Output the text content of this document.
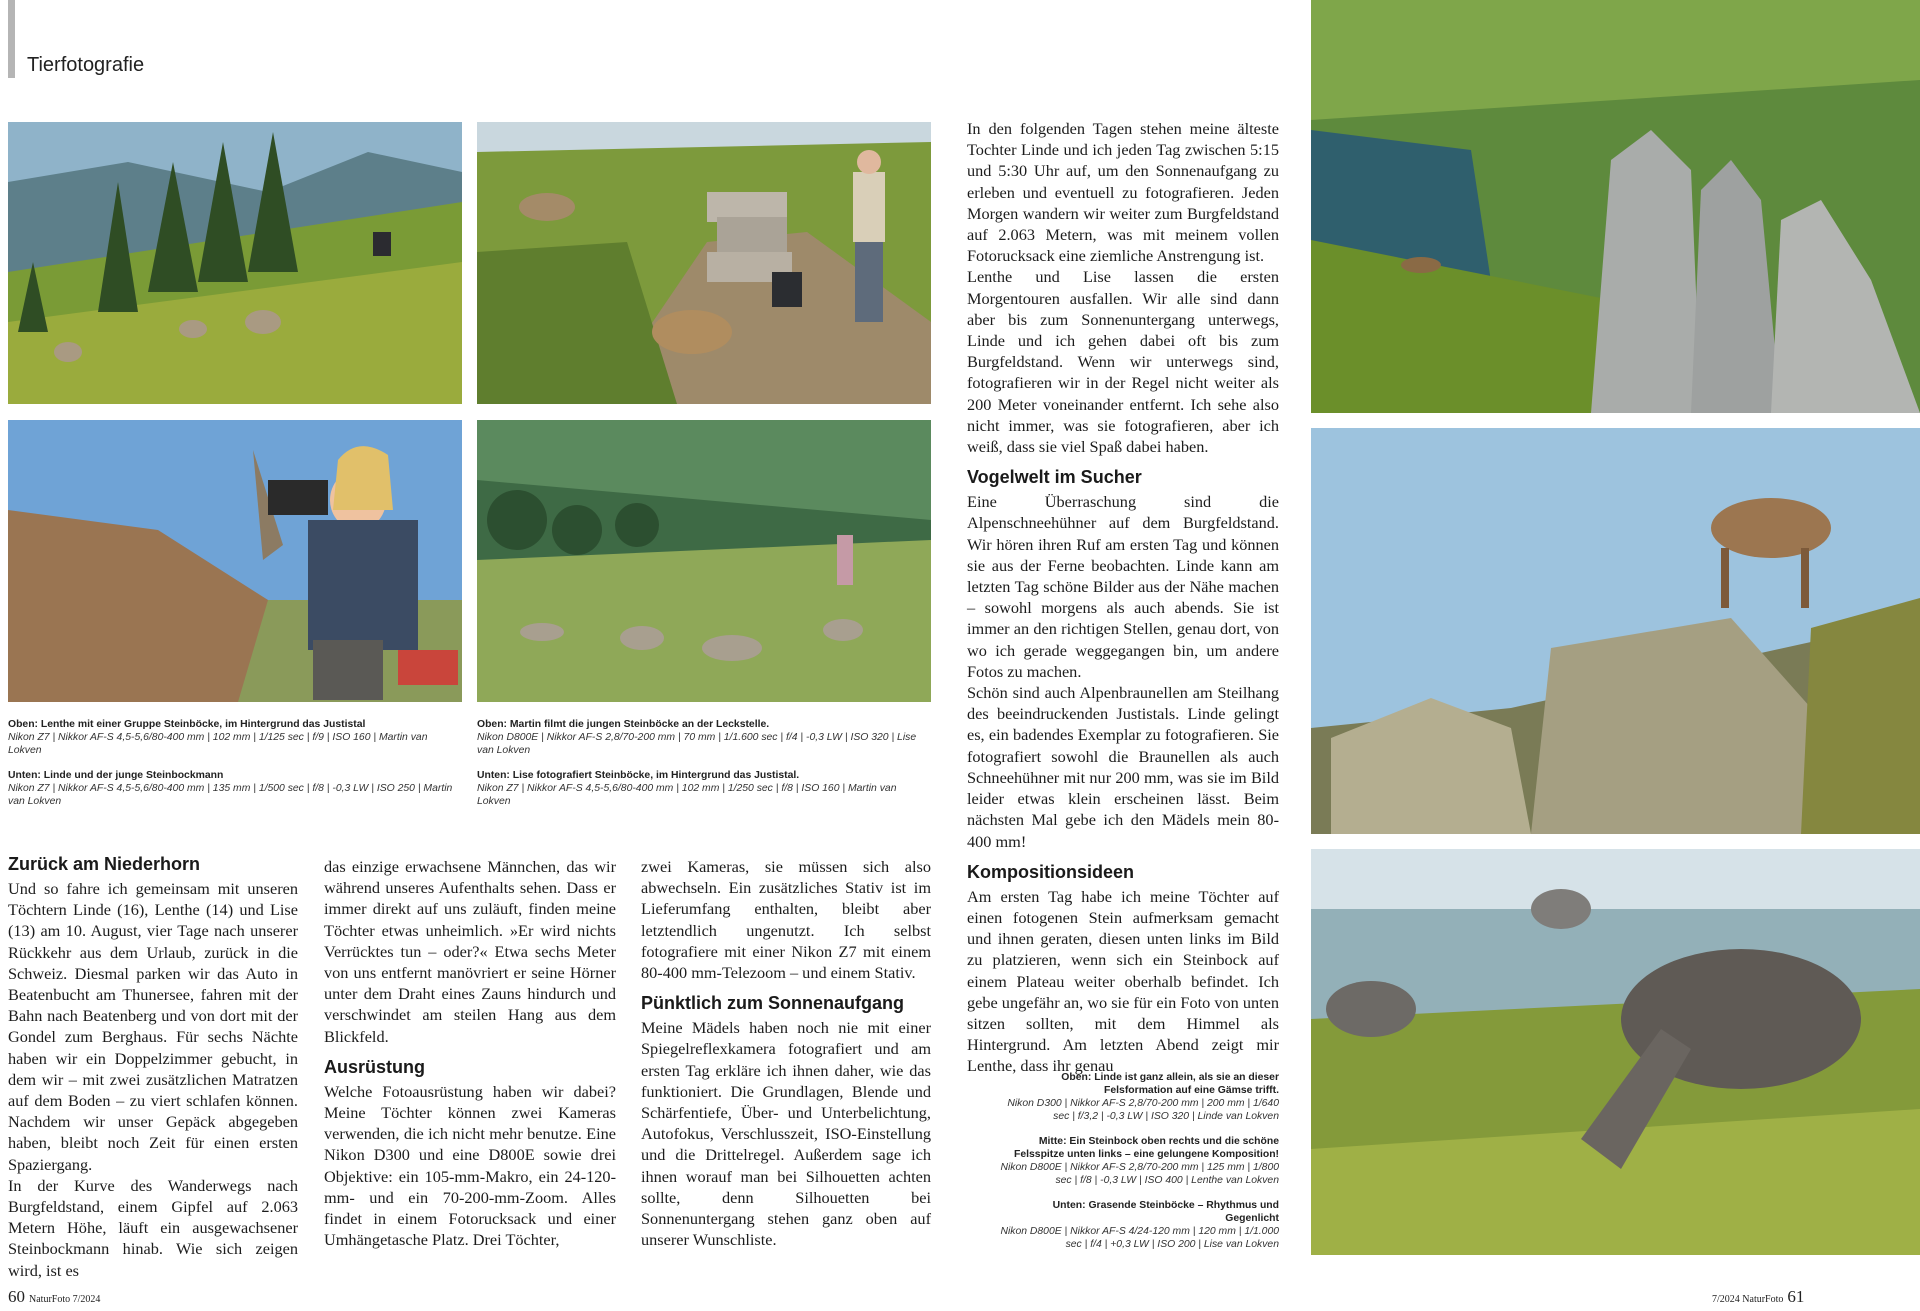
Tierfotografie
Oben: Lenthe mit einer Gruppe Steinböcke, im Hintergrund das Justistal
Nikon Z7 | Nikkor AF-S 4,5-5,6/80-400 mm | 102 mm | 1/125 sec | f/9 | ISO 160 | Martin van Lokven
Unten: Linde und der junge Steinbockmann
Nikon Z7 | Nikkor AF-S 4,5-5,6/80-400 mm | 135 mm | 1/500 sec | f/8 | -0,3 LW | ISO 250 | Martin van Lokven
Oben: Martin filmt die jungen Steinböcke an der Leckstelle.
Nikon D800E | Nikkor AF-S 2,8/70-200 mm | 70 mm | 1/1.600 sec | f/4 | -0,3 LW | ISO 320 | Lise van Lokven
Unten: Lise fotografiert Steinböcke, im Hintergrund das Justistal.
Nikon Z7 | Nikkor AF-S 4,5-5,6/80-400 mm | 102 mm | 1/250 sec | f/8 | ISO 160 | Martin van Lokven
Zurück am Niederhorn

Und so fahre ich gemeinsam mit unseren Töchtern Linde (16), Lenthe (14) und Lise (13) am 10. August, vier Tage nach unserer Rückkehr aus dem Urlaub, zurück in die Schweiz. Diesmal parken wir das Auto in Beatenbucht am Thunersee, fahren mit der Bahn nach Beatenberg und von dort mit der Gondel zum Berghaus. Für sechs Nächte haben wir ein Doppelzimmer gebucht, in dem wir – mit zwei zusätzlichen Matratzen auf dem Boden – zu viert schlafen können. Nachdem wir unser Gepäck abgegeben haben, bleibt noch Zeit für einen ersten Spaziergang.

In der Kurve des Wanderwegs nach Burgfeldstand, einem Gipfel auf 2.063 Metern Höhe, läuft ein ausgewachsener Steinbockmann hinab. Wie sich zeigen wird, ist es

das einzige erwachsene Männchen, das wir während unseres Aufenthalts sehen. Dass er immer direkt auf uns zuläuft, finden meine Töchter etwas unheimlich. »Er wird nichts Verrücktes tun – oder?« Etwa sechs Meter von uns entfernt manövriert er seine Hörner unter dem Draht eines Zauns hindurch und verschwindet am steilen Hang aus dem Blickfeld.

Ausrüstung

Welche Fotoausrüstung haben wir dabei? Meine Töchter können zwei Kameras verwenden, die ich nicht mehr benutze. Eine Nikon D300 und eine D800E sowie drei Objektive: ein 105-mm-Makro, ein 24-120-mm- und ein 70-200-mm-Zoom. Alles findet in einem Fotorucksack und einer Umhängetasche Platz. Drei Töchter,

zwei Kameras, sie müssen sich also abwechseln. Ein zusätzliches Stativ ist im Lieferumfang enthalten, bleibt aber letztendlich ungenutzt. Ich selbst fotografiere mit einer Nikon Z7 mit einem 80-400 mm-Telezoom – und einem Stativ.

Pünktlich zum Sonnenaufgang

Meine Mädels haben noch nie mit einer Spiegelreflexkamera fotografiert und am ersten Tag erkläre ich ihnen daher, wie das funktioniert. Die Grundlagen, Blende und Schärfentiefe, Über- und Unterbelichtung, Autofokus, Verschlusszeit, ISO-Einstellung und die Drittelregel. Außerdem sage ich ihnen worauf man bei Silhouetten achten sollte, denn Silhouetten bei Sonnenuntergang stehen ganz oben auf unserer Wunschliste.

In den folgenden Tagen stehen meine älteste Tochter Linde und ich jeden Tag zwischen 5:15 und 5:30 Uhr auf, um den Sonnenaufgang zu erleben und eventuell zu fotografieren. Jeden Morgen wandern wir weiter zum Burgfeldstand auf 2.063 Metern, was mit meinem vollen Fotorucksack eine ziemliche Anstrengung ist.

Lenthe und Lise lassen die ersten Morgentouren ausfallen. Wir alle sind dann aber bis zum Sonnenuntergang unterwegs, Linde und ich gehen dabei oft bis zum Burgfeldstand. Wenn wir unterwegs sind, fotografieren wir in der Regel nicht weiter als 200 Meter voneinander entfernt. Ich sehe also nicht immer, was sie fotografieren, aber ich weiß, dass sie viel Spaß dabei haben.

Vogelwelt im Sucher

Eine Überraschung sind die Alpenschneehühner auf dem Burgfeldstand. Wir hören ihren Ruf am ersten Tag und können sie aus der Ferne beobachten. Linde kann am letzten Tag schöne Bilder aus der Nähe machen – sowohl morgens als auch abends. Sie ist immer an den richtigen Stellen, genau dort, von wo ich gerade weggegangen bin, um andere Fotos zu machen.

Schön sind auch Alpenbraunellen am Steilhang des beeindruckenden Justistals. Linde gelingt es, ein badendes Exemplar zu fotografieren. Sie fotografiert sowohl die Braunellen als auch Schneehühner mit nur 200 mm, was sie im Bild leider etwas klein erscheinen lässt. Beim nächsten Mal gebe ich den Mädels mein 80-400 mm!

Kompositionsideen

Am ersten Tag habe ich meine Töchter auf einen fotogenen Stein aufmerksam gemacht und ihnen geraten, diesen unten links im Bild zu platzieren, wenn sich ein Steinbock auf einem Plateau weiter oberhalb befindet. Ich gebe ungefähr an, wo sie für ein Foto von unten sitzen sollten, mit dem Himmel als Hintergrund. Am letzten Abend zeigt mir Lenthe, dass ihr genau

Oben: Linde ist ganz allein, als sie an dieser Felsformation auf eine Gämse trifft.
Nikon D300 | Nikkor AF-S 2,8/70-200 mm | 200 mm | 1/640 sec | f/3,2 | -0,3 LW | ISO 320 | Linde van Lokven
Mitte: Ein Steinbock oben rechts und die schöne Felsspitze unten links – eine gelungene Komposition!
Nikon D800E | Nikkor AF-S 2,8/70-200 mm | 125 mm | 1/800 sec | f/8 | -0,3 LW | ISO 400 | Lenthe van Lokven
Unten: Grasende Steinböcke – Rhythmus und Gegenlicht
Nikon D800E | Nikkor AF-S 4/24-120 mm | 120 mm | 1/1.000 sec | f/4 | +0,3 LW | ISO 200 | Lise van Lokven
60 NaturFoto 7/2024	7/2024 NaturFoto 61
